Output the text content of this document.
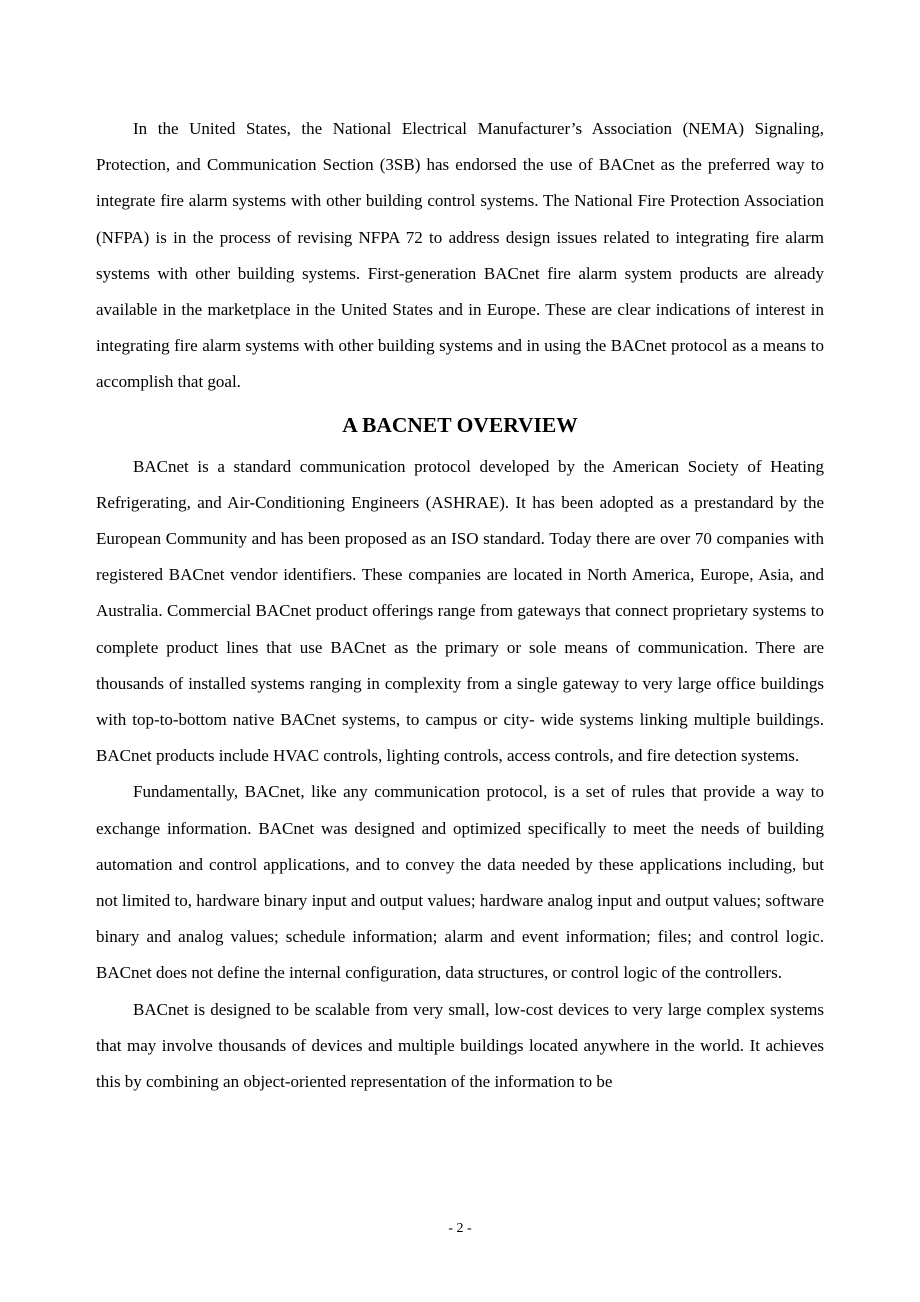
In the United States, the National Electrical Manufacturer’s Association (NEMA) Signaling, Protection, and Communication Section (3SB) has endorsed the use of BACnet as the preferred way to integrate fire alarm systems with other building control systems. The National Fire Protection Association (NFPA) is in the process of revising NFPA 72 to address design issues related to integrating fire alarm systems with other building systems. First-generation BACnet fire alarm system products are already available in the marketplace in the United States and in Europe. These are clear indications of interest in integrating fire alarm systems with other building systems and in using the BACnet protocol as a means to accomplish that goal.

A BACNET OVERVIEW

BACnet is a standard communication protocol developed by the American Society of Heating Refrigerating, and Air-Conditioning Engineers (ASHRAE). It has been adopted as a prestandard by the European Community and has been proposed as an ISO standard. Today there are over 70 companies with registered BACnet vendor identifiers. These companies are located in North America, Europe, Asia, and Australia. Commercial BACnet product offerings range from gateways that connect proprietary systems to complete product lines that use BACnet as the primary or sole means of communication. There are thousands of installed systems ranging in complexity from a single gateway to very large office buildings with top-to-bottom native BACnet systems, to campus or city- wide systems linking multiple buildings. BACnet products include HVAC controls, lighting controls, access controls, and fire detection systems.

Fundamentally, BACnet, like any communication protocol, is a set of rules that provide a way to exchange information. BACnet was designed and optimized specifically to meet the needs of building automation and control applications, and to convey the data needed by these applications including, but not limited to, hardware binary input and output values; hardware analog input and output values; software binary and analog values; schedule information; alarm and event information; files; and control logic. BACnet does not define the internal configuration, data structures, or control logic of the controllers.

BACnet is designed to be scalable from very small, low-cost devices to very large complex systems that may involve thousands of devices and multiple buildings located anywhere in the world. It achieves this by combining an object-oriented representation of the information to be

- 2 -
